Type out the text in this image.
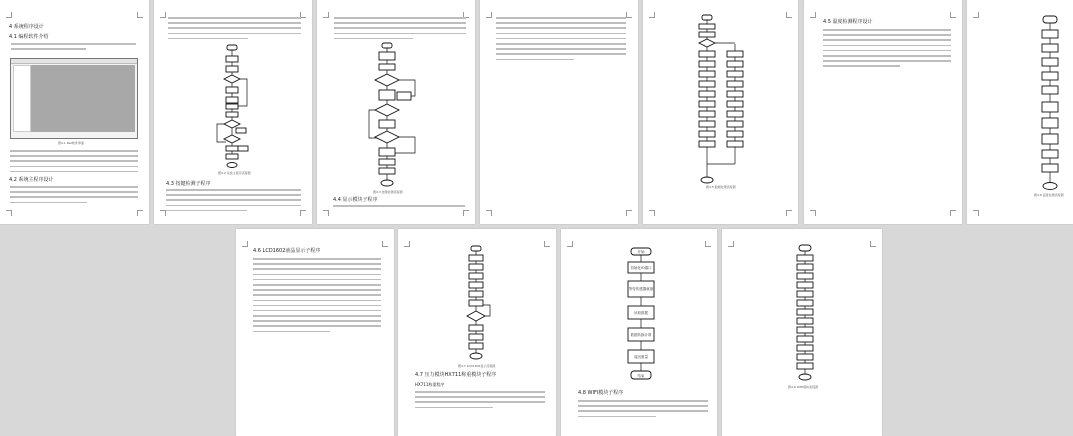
4 系统程序设计
4.1 编程软件介绍
图4.1 Keil软件界面
4.2 系统主程序设计
图4.2 系统主程序流程图
4.3 按键检测子程序
图4.3 按键检测流程图
4.4 显示模块子程序
图4.5 数据处理流程图
4.5 温度检测程序设计
图4.6 温度检测流程图
4.6 LCD1602液晶显示子程序
图4.7 LCD1602显示流程图
4.7 压力模块HX711称重模块子程序
HX711称重程序
开始
初始化IO端口
等待传感器就绪
读取数据
数据转换计算
返回重量
结束
4.8 WIFI模块子程序
图4.8 WIFI模块流程图
